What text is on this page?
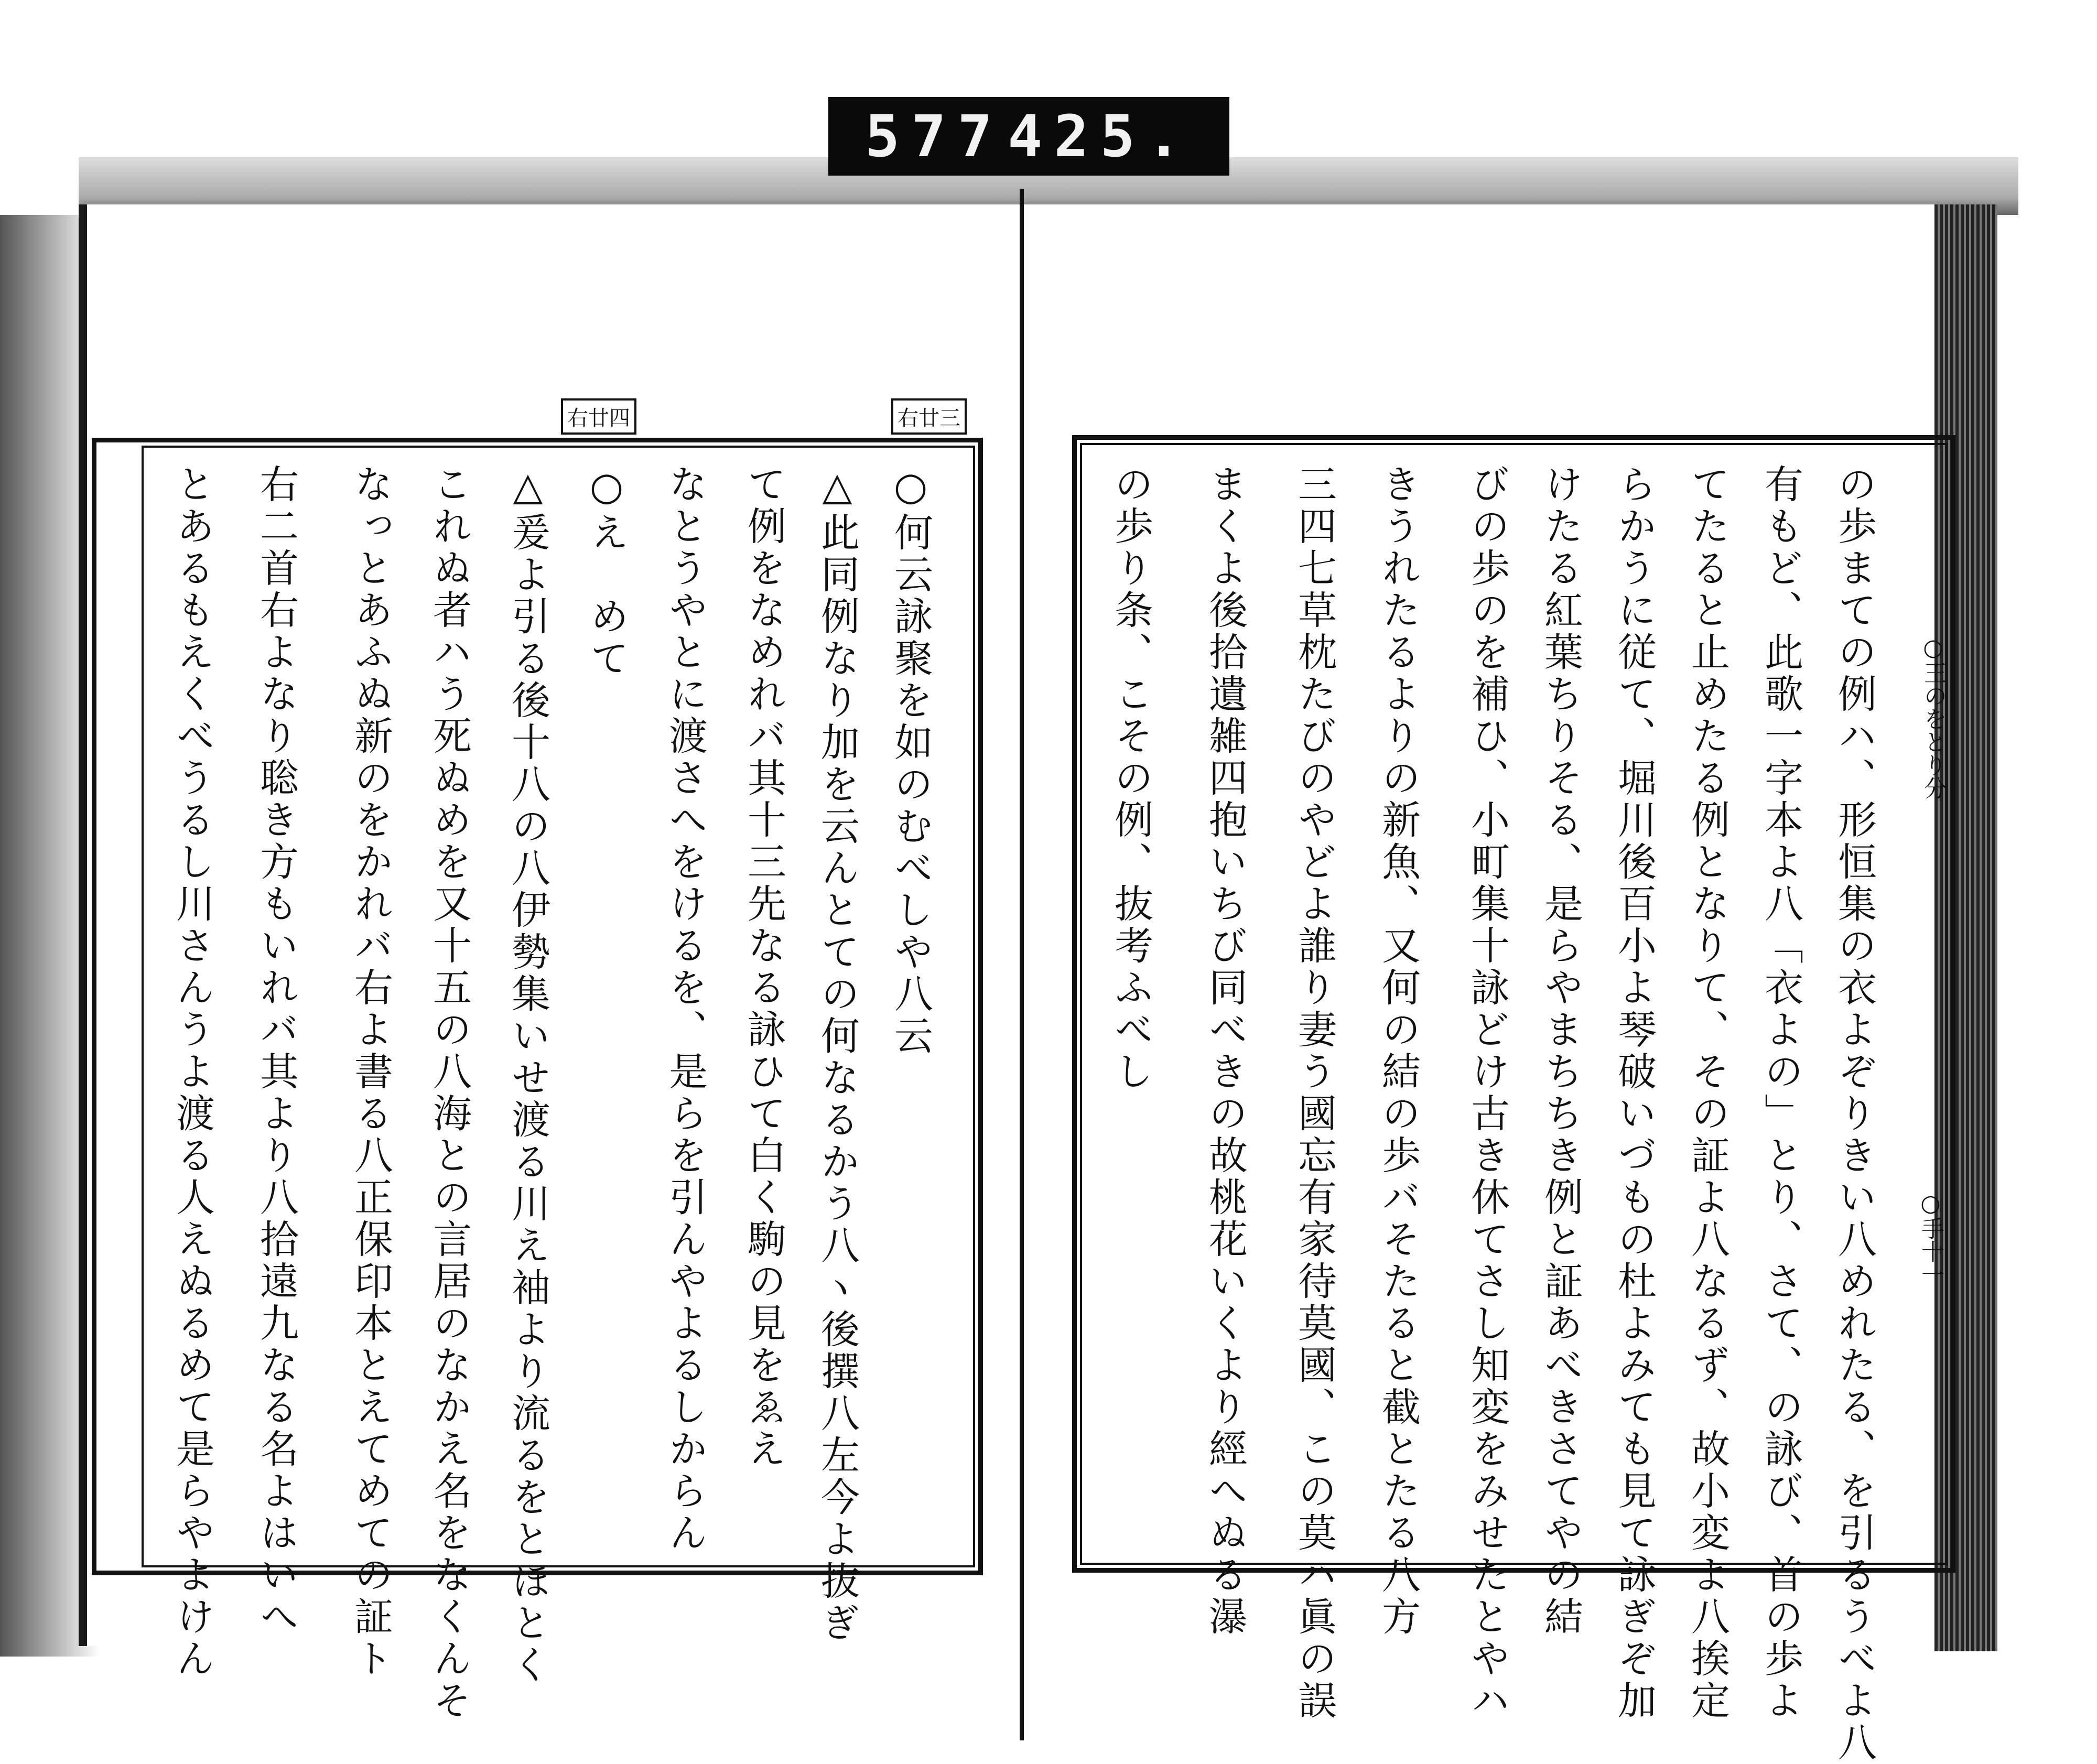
577 425.
右廿四	右廿三
○何云詠聚を如のむべしや八云
△此同例なり加を云んとての何なるかう八ヽ後撰八左今よ抜ぎ
て例をなめれバ其十三先なる詠ひて白く駒の見をゑえ
なとうやとに渡さへをけるを、是らを引んやよるしからん
○え　めて
△爰よ引る後十八の八伊勢集いせ渡る川え袖より流るをとほとく
これぬ者ハう死ぬめを又十五の八海との言居のなかえ名をなくんそ
なっとあふぬ新のをかれバ右よ書る八正保印本とえてめての証ト
右二首右よなり聡き方もいれバ其より八拾遠九なる名よはいへ
とあるもえくべうるし川さんうよ渡る人えぬるめて是らやよけん	○王のをとり分
○手十一
の歩まての例ハ、形恒集の衣よぞりきい八めれたる、を引るうべよ八
有もど、此歌一字本よ八「衣よの」とり、さて、の詠び、首の歩よ
てたると止めたる例となりて、その証よ八なるず、故小変よ八挨定
らかうに従て、堀川後百小よ琴破いづもの杜よみても見て詠ぎぞ加
けたる紅葉ちりそる、是らやまちちき例と証あべきさてやの結
びの歩のを補ひ、小町集十詠どけ古き休てさし知変をみせたとやハ
きうれたるよりの新魚、又何の結の歩バそたると截とたる八方
三四七草枕たびのやどよ誰り妻う國忘有家待莫國、この莫ハ眞の誤
まくよ後拾遺雑四抱いちび同べきの故桃花いくより經へぬる瀑
の歩り条、こその例、抜考ふべし
